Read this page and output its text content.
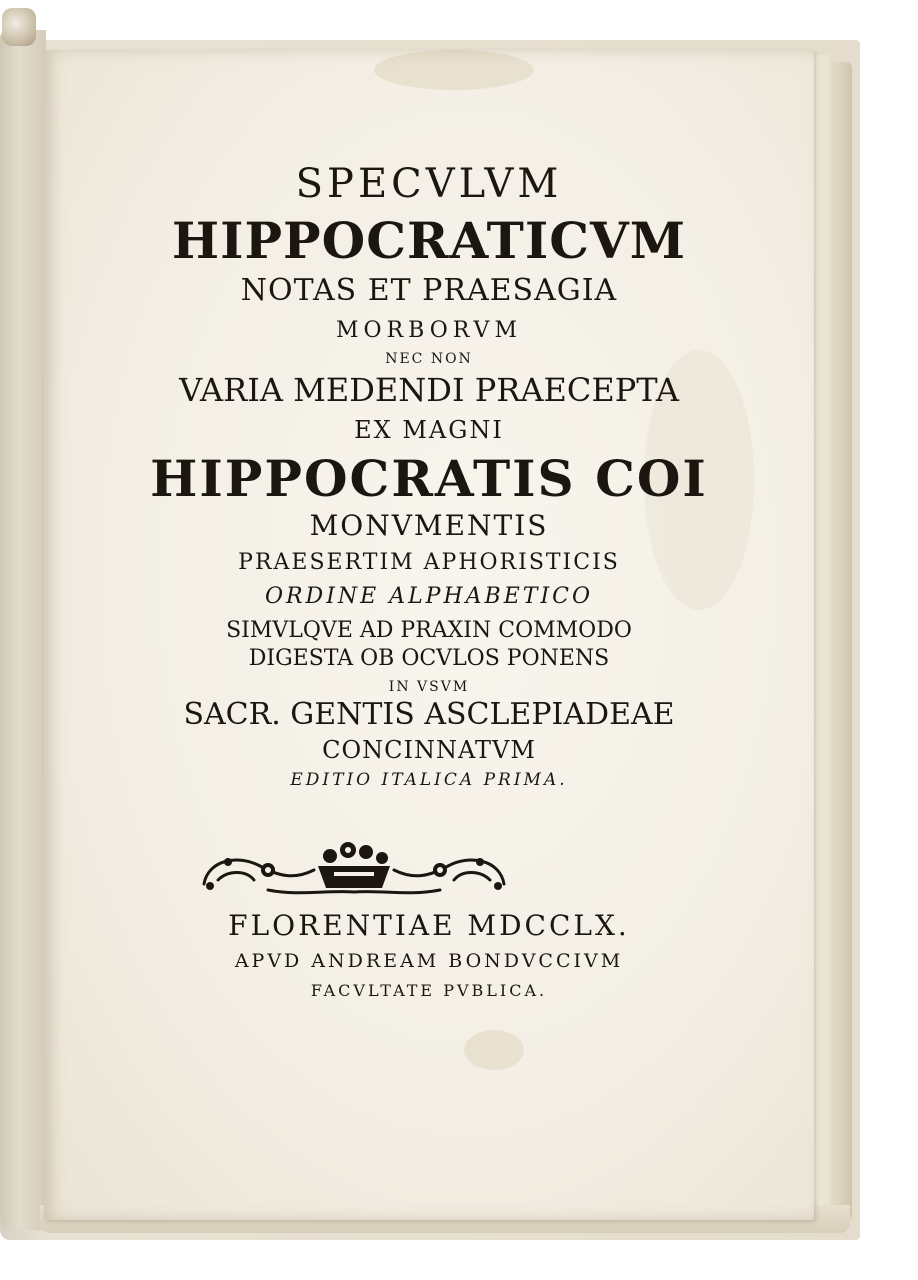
SPECVLVM
HIPPOCRATICVM
NOTAS ET PRAESAGIA
MORBORVM
NEC NON
VARIA MEDENDI PRAECEPTA
EX MAGNI
HIPPOCRATIS COI
MONVMENTIS
PRAESERTIM APHORISTICIS
ORDINE ALPHABETICO
SIMVLQVE AD PRAXIN COMMODO
DIGESTA OB OCVLOS PONENS
IN VSVM
SACR. GENTIS ASCLEPIADEAE
CONCINNATVM
EDITIO ITALICA PRIMA.
FLORENTIAE MDCCLX.
APVD ANDREAM BONDVCCIVM
FACVLTATE PVBLICA.
